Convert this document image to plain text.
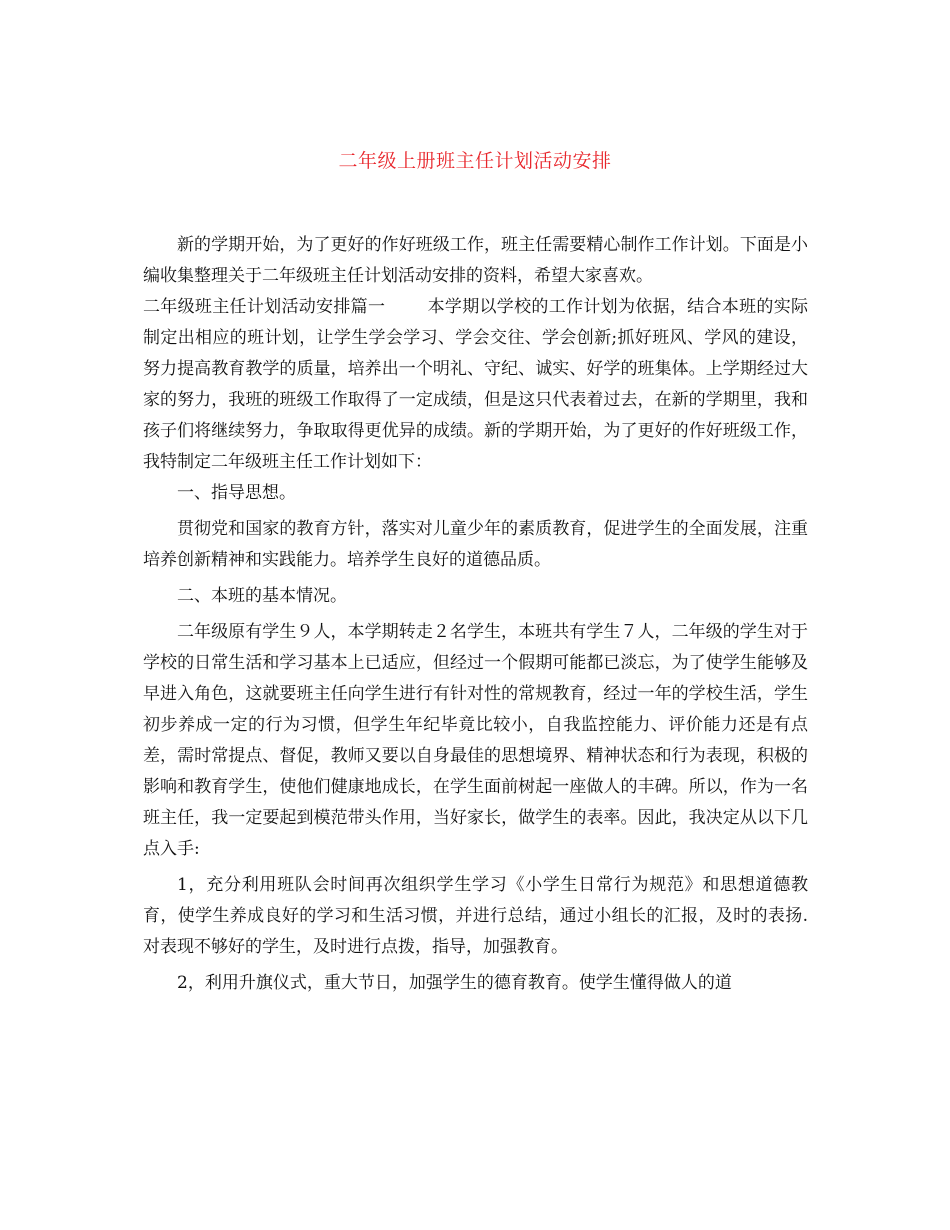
二年级上册班主任计划活动安排

新的学期开始，为了更好的作好班级工作，班主任需要精心制作工作计划。下面是小编收集整理关于二年级班主任计划活动安排的资料，希望大家喜欢。

二年级班主任计划活动安排篇一 本学期以学校的工作计划为依据，结合本班的实际制定出相应的班计划，让学生学会学习、学会交往、学会创新;抓好班风、学风的建设，努力提高教育教学的质量，培养出一个明礼、守纪、诚实、好学的班集体。上学期经过大家的努力，我班的班级工作取得了一定成绩，但是这只代表着过去，在新的学期里，我和孩子们将继续努力，争取取得更优异的成绩。新的学期开始，为了更好的作好班级工作，我特制定二年级班主任工作计划如下：

一、指导思想。

贯彻党和国家的教育方针，落实对儿童少年的素质教育，促进学生的全面发展，注重培养创新精神和实践能力。培养学生良好的道德品质。

二、本班的基本情况。

二年级原有学生９人，本学期转走２名学生，本班共有学生７人，二年级的学生对于学校的日常生活和学习基本上已适应，但经过一个假期可能都已淡忘，为了使学生能够及早进入角色，这就要班主任向学生进行有针对性的常规教育，经过一年的学校生活，学生初步养成一定的行为习惯，但学生年纪毕竟比较小，自我监控能力、评价能力还是有点差，需时常提点、督促，教师又要以自身最佳的思想境界、精神状态和行为表现，积极的影响和教育学生，使他们健康地成长，在学生面前树起一座做人的丰碑。所以，作为一名班主任，我一定要起到模范带头作用，当好家长，做学生的表率。因此，我决定从以下几点入手:

1，充分利用班队会时间再次组织学生学习《小学生日常行为规范》和思想道德教育，使学生养成良好的学习和生活习惯，并进行总结，通过小组长的汇报，及时的表扬.对表现不够好的学生，及时进行点拨，指导，加强教育。

2，利用升旗仪式，重大节日，加强学生的德育教育。使学生懂得做人的道
